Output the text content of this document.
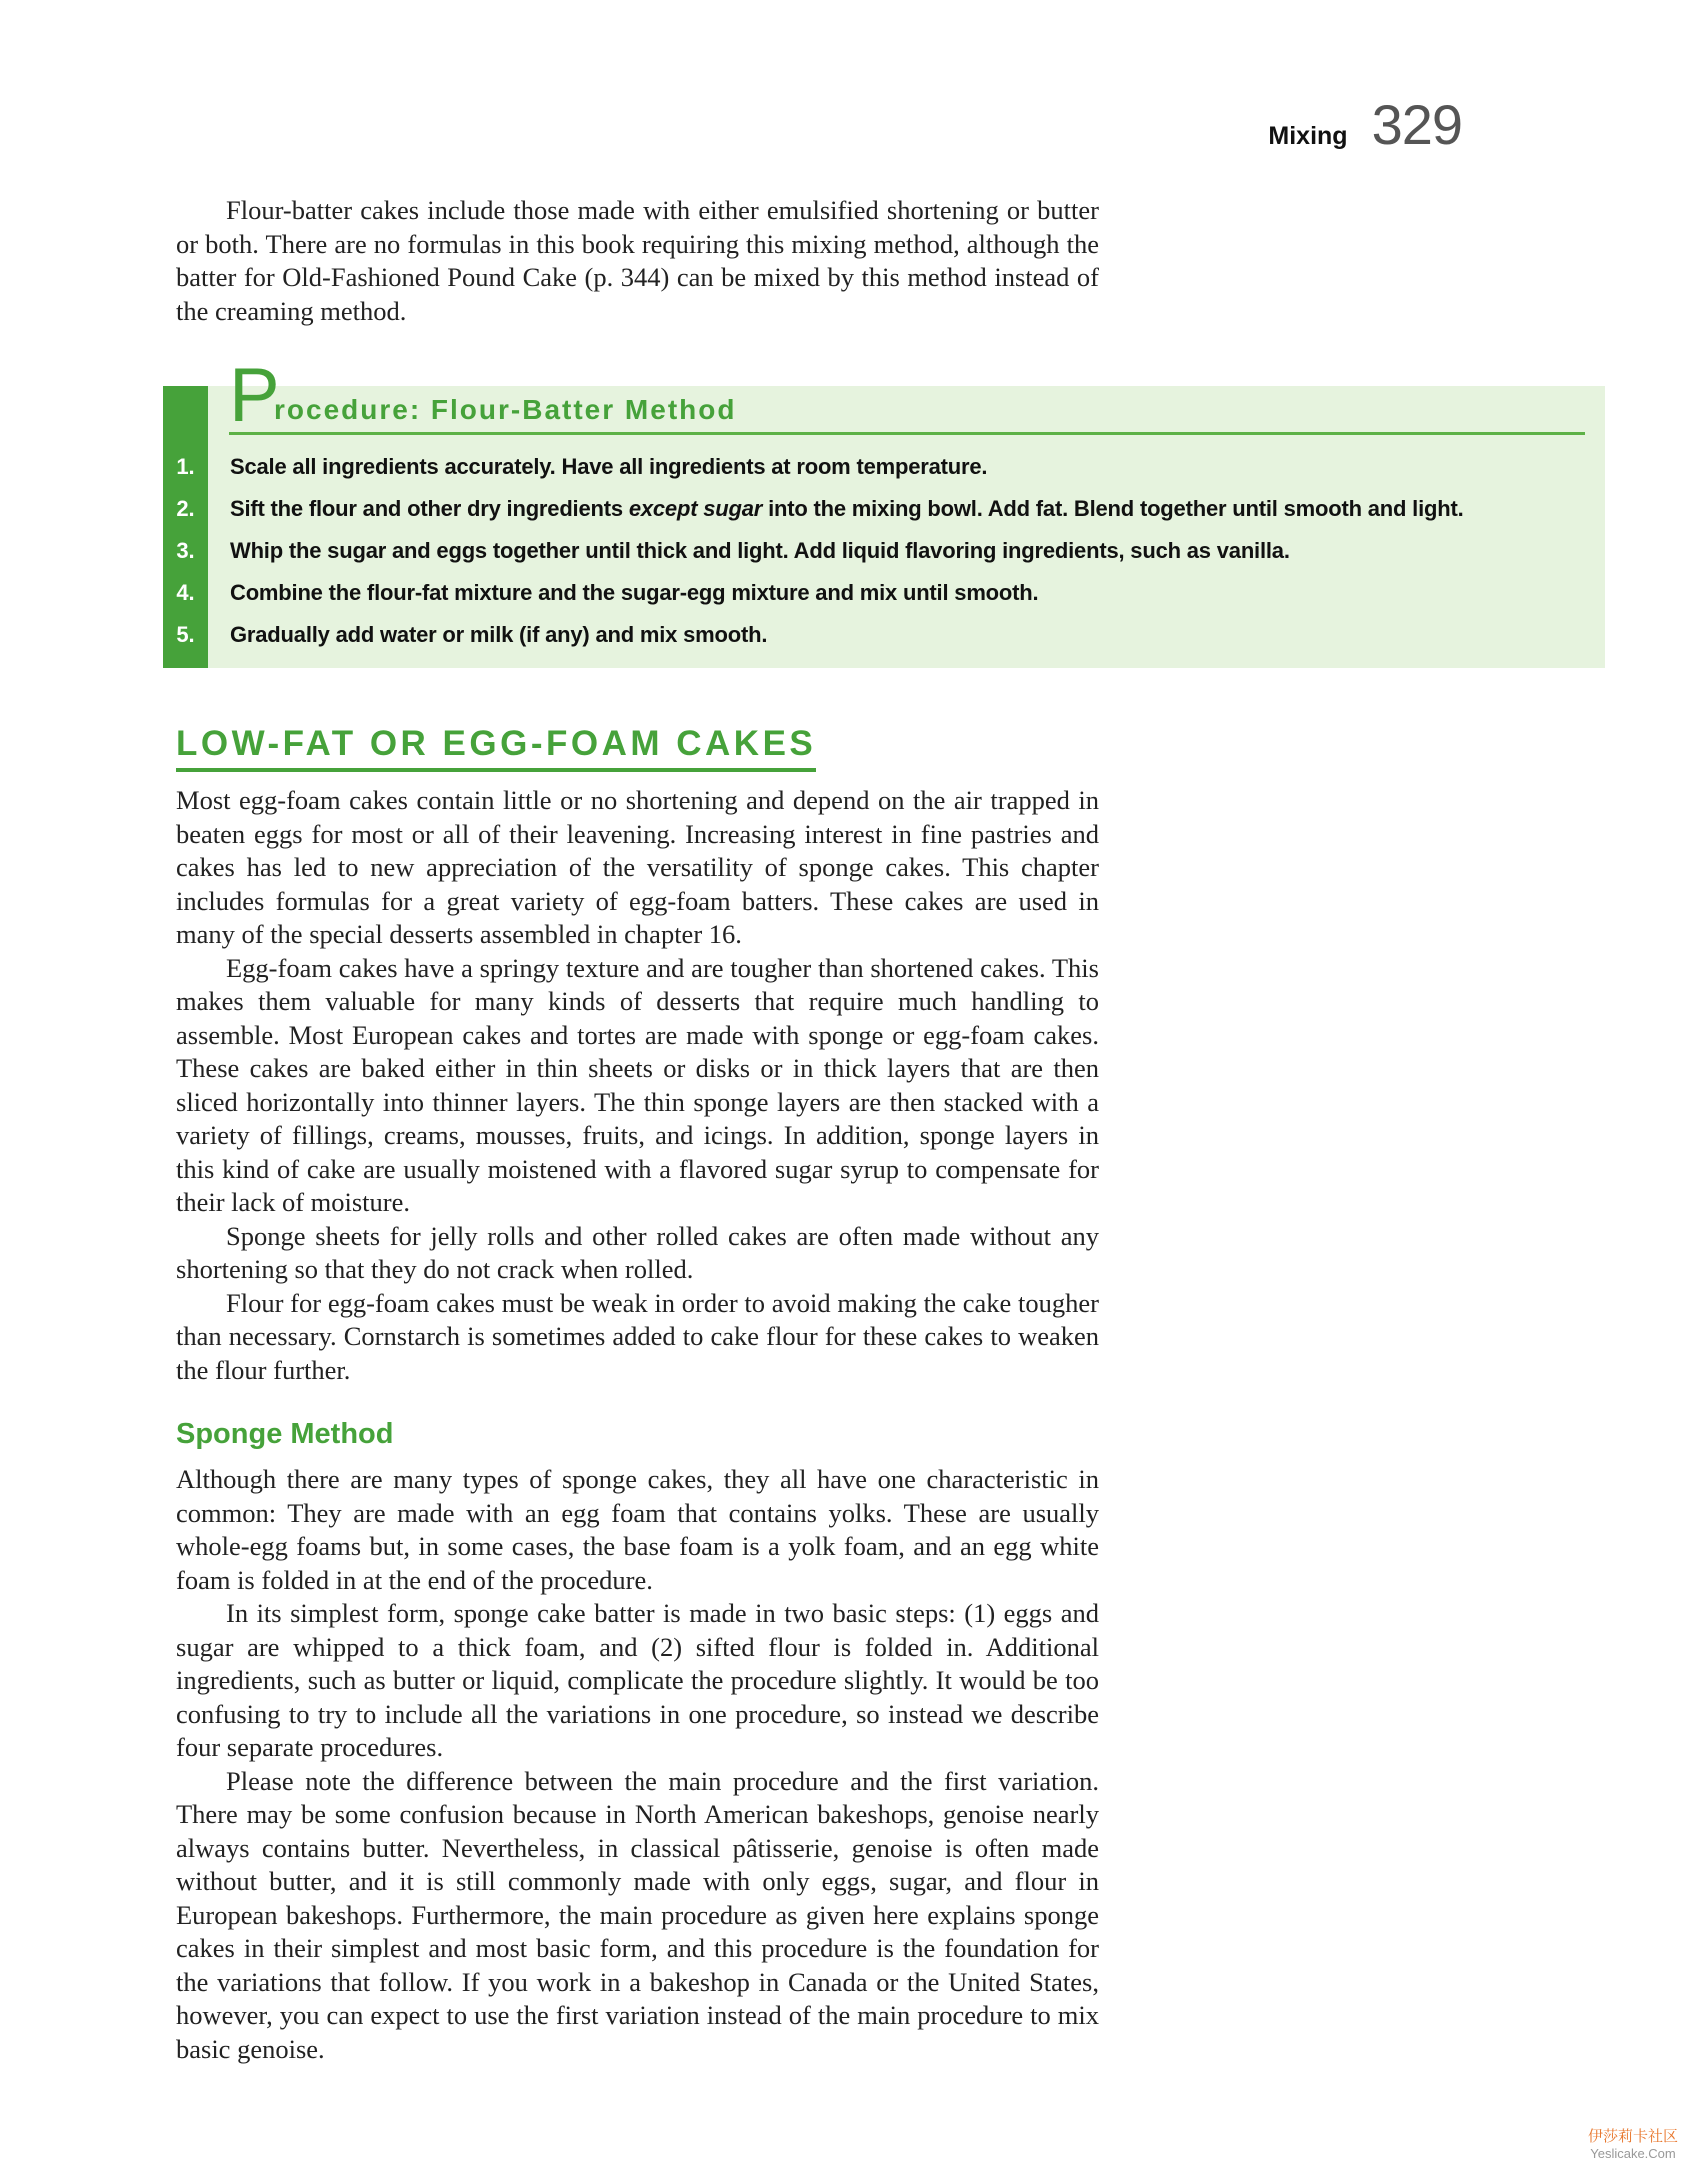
Mixing 329

Flour-batter cakes include those made with either emulsified shortening or butter or both. There are no formulas in this book requiring this mixing method, although the batter for Old-Fashioned Pound Cake (p. 344) can be mixed by this method instead of the creaming method.

P
rocedure: Flour-Batter Method
1.	Scale all ingredients accurately. Have all ingredients at room temperature.
2.	Sift the flour and other dry ingredients except sugar into the mixing bowl. Add fat. Blend together until smooth and light.
3.	Whip the sugar and eggs together until thick and light. Add liquid flavoring ingredients, such as vanilla.
4.	Combine the flour-fat mixture and the sugar-egg mixture and mix until smooth.
5.	Gradually add water or milk (if any) and mix smooth.
LOW-FAT OR EGG-FOAM CAKES

Most egg-foam cakes contain little or no shortening and depend on the air trapped in beaten eggs for most or all of their leavening. Increasing interest in fine pastries and cakes has led to new appreciation of the versatility of sponge cakes. This chapter includes formulas for a great variety of egg-foam batters. These cakes are used in many of the special desserts assembled in chapter 16.

Egg-foam cakes have a springy texture and are tougher than shortened cakes. This makes them valuable for many kinds of desserts that require much handling to assemble. Most European cakes and tortes are made with sponge or egg-foam cakes. These cakes are baked either in thin sheets or disks or in thick layers that are then sliced horizontally into thinner layers. The thin sponge layers are then stacked with a variety of fillings, creams, mousses, fruits, and icings. In addition, sponge layers in this kind of cake are usually moistened with a flavored sugar syrup to compensate for their lack of moisture.

Sponge sheets for jelly rolls and other rolled cakes are often made without any shortening so that they do not crack when rolled.

Flour for egg-foam cakes must be weak in order to avoid making the cake tougher than necessary. Cornstarch is sometimes added to cake flour for these cakes to weaken the flour further.

Sponge Method

Although there are many types of sponge cakes, they all have one characteristic in common: They are made with an egg foam that contains yolks. These are usually whole-egg foams but, in some cases, the base foam is a yolk foam, and an egg white foam is folded in at the end of the procedure.

In its simplest form, sponge cake batter is made in two basic steps: (1) eggs and sugar are whipped to a thick foam, and (2) sifted flour is folded in. Additional ingredients, such as butter or liquid, complicate the procedure slightly. It would be too confusing to try to include all the variations in one procedure, so instead we describe four separate procedures.

Please note the difference between the main procedure and the first variation. There may be some confusion because in North American bakeshops, genoise nearly always contains butter. Nevertheless, in classical pâtisserie, genoise is often made without butter, and it is still commonly made with only eggs, sugar, and flour in European bakeshops. Furthermore, the main procedure as given here explains sponge cakes in their simplest and most basic form, and this procedure is the foundation for the variations that follow. If you work in a bakeshop in Canada or the United States, however, you can expect to use the first variation instead of the main procedure to mix basic genoise.

伊莎莉卡社区
Yeslicake.Com
